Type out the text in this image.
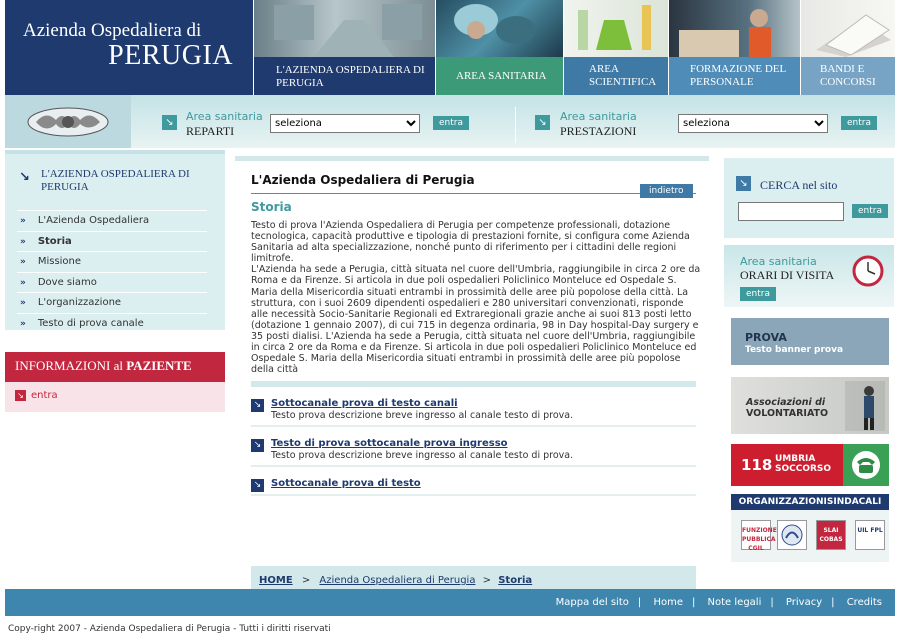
Azienda Ospedaliera di
PERUGIA	L'AZIENDA OSPEDALIERA DI PERUGIA
AREA SANITARIA
AREA SCIENTIFICA
FORMAZIONE DEL PERSONALE
BANDI E CONCORSI
↘	Area sanitaria
REPARTI
seleziona
entra	↘	Area sanitaria
PRESTAZIONI
seleziona
entra
↘ L'AZIENDA OSPEDALIERA DI PERUGIA
» L'Azienda Ospedaliera
» Storia
» Missione
» Dove siamo
» L'organizzazione
» Testo di prova canale
INFORMAZIONI al PAZIENTE
↘ entra
L'Azienda Ospedaliera di Perugia
indietro
Storia

Testo di prova l'Azienda Ospedaliera di Perugia per competenze professionali, dotazione tecnologica, capacità produttive e tipologia di prestazioni fornite, si configura come Azienda Sanitaria ad alta specializzazione, nonché punto di riferimento per i cittadini delle regioni limitrofe.

L'Azienda ha sede a Perugia, città situata nel cuore dell'Umbria, raggiungibile in circa 2 ore da Roma e da Firenze. Si articola in due poli ospedalieri Policlinico Monteluce ed Ospedale S. Maria della Misericordia situati entrambi in prossimità delle aree più popolose della città. La struttura, con i suoi 2609 dipendenti ospedalieri e 280 universitari convenzionati, risponde alle necessità Socio-Sanitarie Regionali ed Extraregionali grazie anche ai suoi 813 posti letto (dotazione 1 gennaio 2007), di cui 715 in degenza ordinaria, 98 in Day hospital-Day surgery e 35 posti dialisi. L'Azienda ha sede a Perugia, città situata nel cuore dell'Umbria, raggiungibile in circa 2 ore da Roma e da Firenze. Si articola in due poli ospedalieri Policlinico Monteluce ed Ospedale S. Maria della Misericordia situati entrambi in prossimità delle aree più popolose della città

↘ Sottocanale prova di testo canali
Testo prova descrizione breve ingresso al canale testo di prova.
↘ Testo di prova sottocanale prova ingresso
Testo prova descrizione breve ingresso al canale testo di prova.
↘ Sottocanale prova di testo
HOME > Azienda Ospedaliera di Perugia > Storia
↘ CERCA nel sito
entra
Area sanitaria
ORARI DI VISITA
entra
PROVA
Testo banner prova
Associazioni di
VOLONTARIATO
118 UMBRIA
SOCCORSO
ORGANIZZAZIONISINDACALI
FUNZIONE PUBBLICA CGIL
SLAI COBAS
UIL FPL
Mappa del sito | Home | Note legali | Privacy | Credits
Copy-right 2007 - Azienda Ospedaliera di Perugia - Tutti i diritti riservati
